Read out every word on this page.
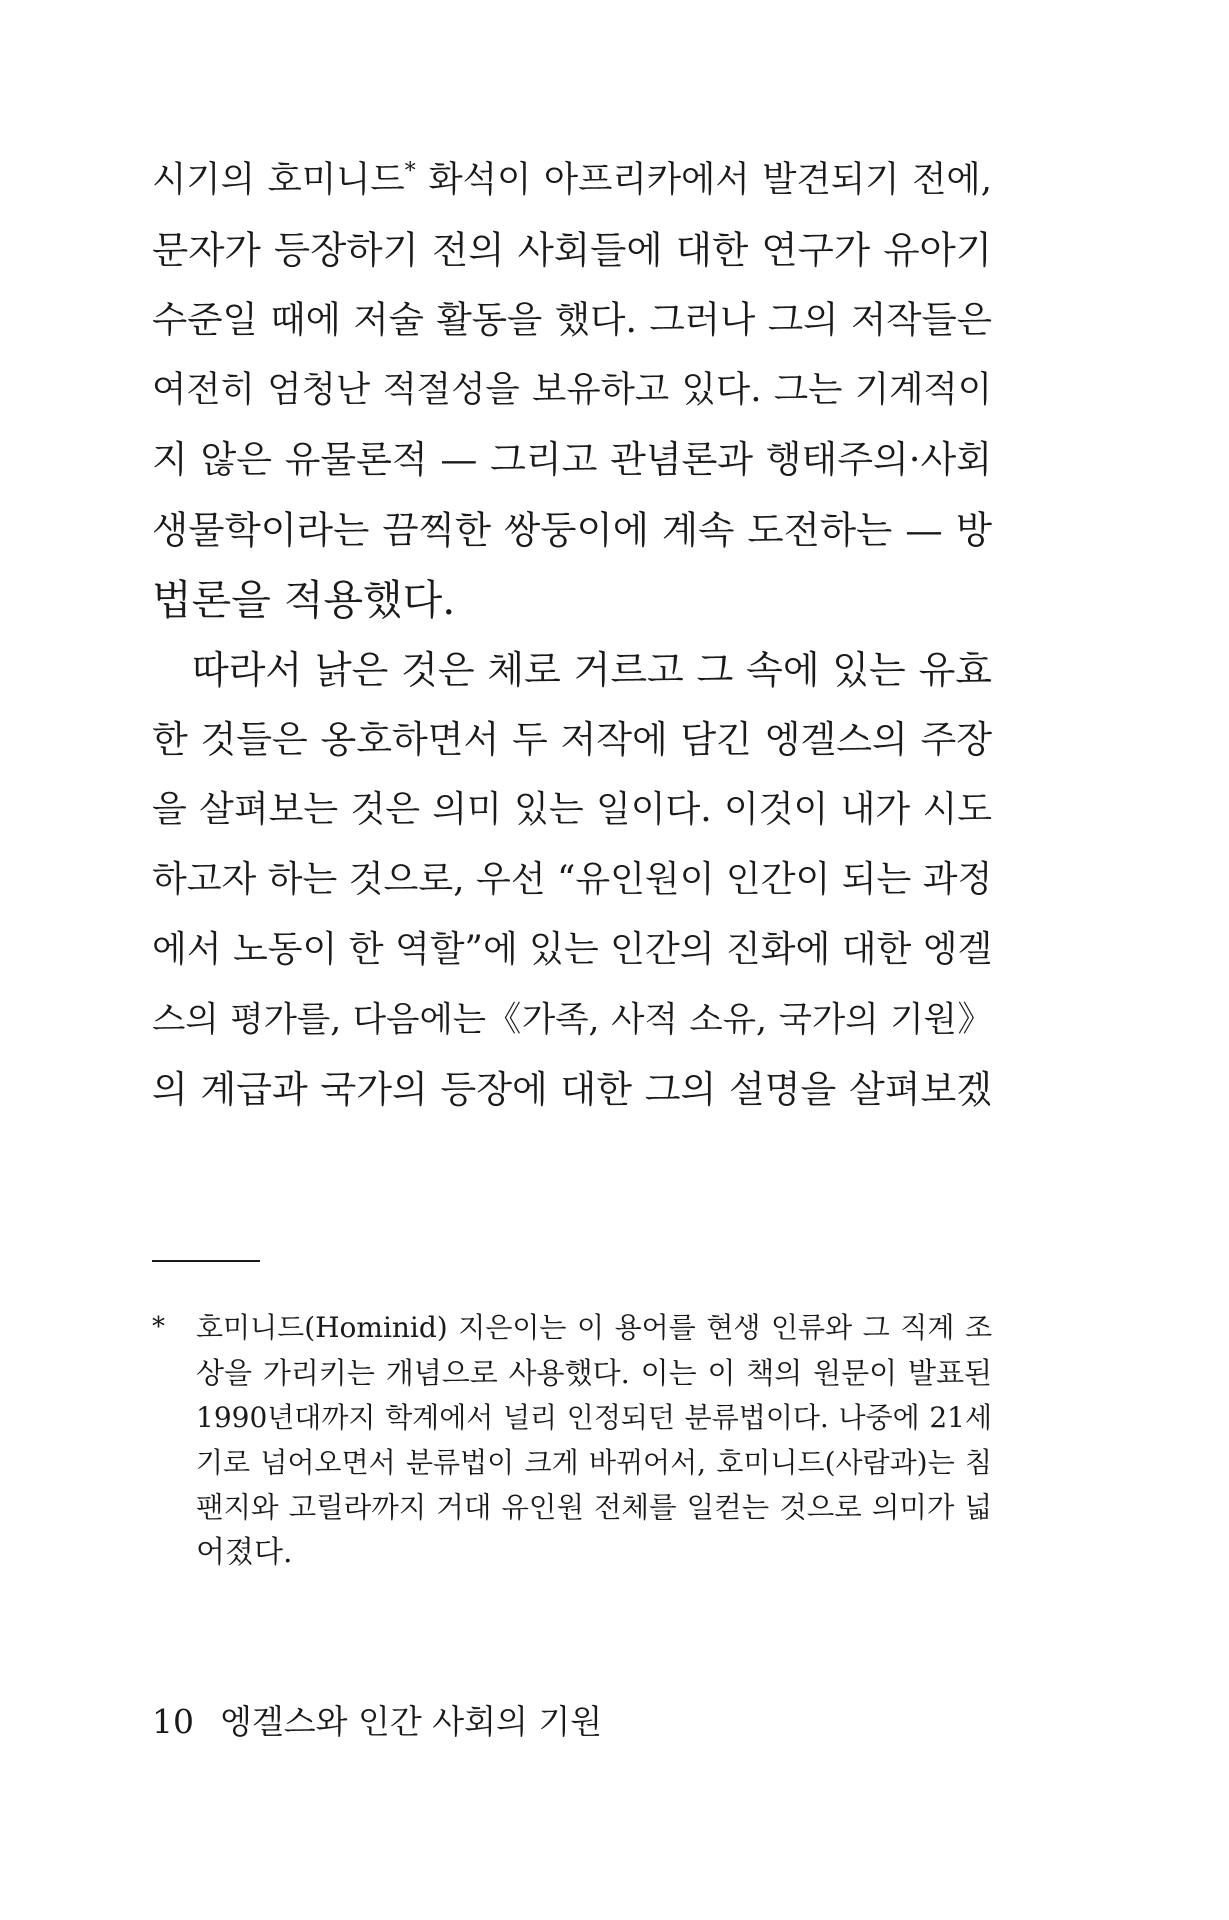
시기의 호미니드* 화석이 아프리카에서 발견되기 전에,
문자가 등장하기 전의 사회들에 대한 연구가 유아기
수준일 때에 저술 활동을 했다. 그러나 그의 저작들은
여전히 엄청난 적절성을 보유하고 있다. 그는 기계적이
지 않은 유물론적 — 그리고 관념론과 행태주의·사회
생물학이라는 끔찍한 쌍둥이에 계속 도전하는 — 방
법론을 적용했다.
따라서 낡은 것은 체로 거르고 그 속에 있는 유효
한 것들은 옹호하면서 두 저작에 담긴 엥겔스의 주장
을 살펴보는 것은 의미 있는 일이다. 이것이 내가 시도
하고자 하는 것으로, 우선 “유인원이 인간이 되는 과정
에서 노동이 한 역할”에 있는 인간의 진화에 대한 엥겔
스의 평가를, 다음에는《가족, 사적 소유, 국가의 기원》
의 계급과 국가의 등장에 대한 그의 설명을 살펴보겠
* 호미니드(Hominid) 지은이는 이 용어를 현생 인류와 그 직계 조
상을 가리키는 개념으로 사용했다. 이는 이 책의 원문이 발표된
1990년대까지 학계에서 널리 인정되던 분류법이다. 나중에 21세
기로 넘어오면서 분류법이 크게 바뀌어서, 호미니드(사람과)는 침
팬지와 고릴라까지 거대 유인원 전체를 일컫는 것으로 의미가 넓
어졌다.
10 엥겔스와 인간 사회의 기원
